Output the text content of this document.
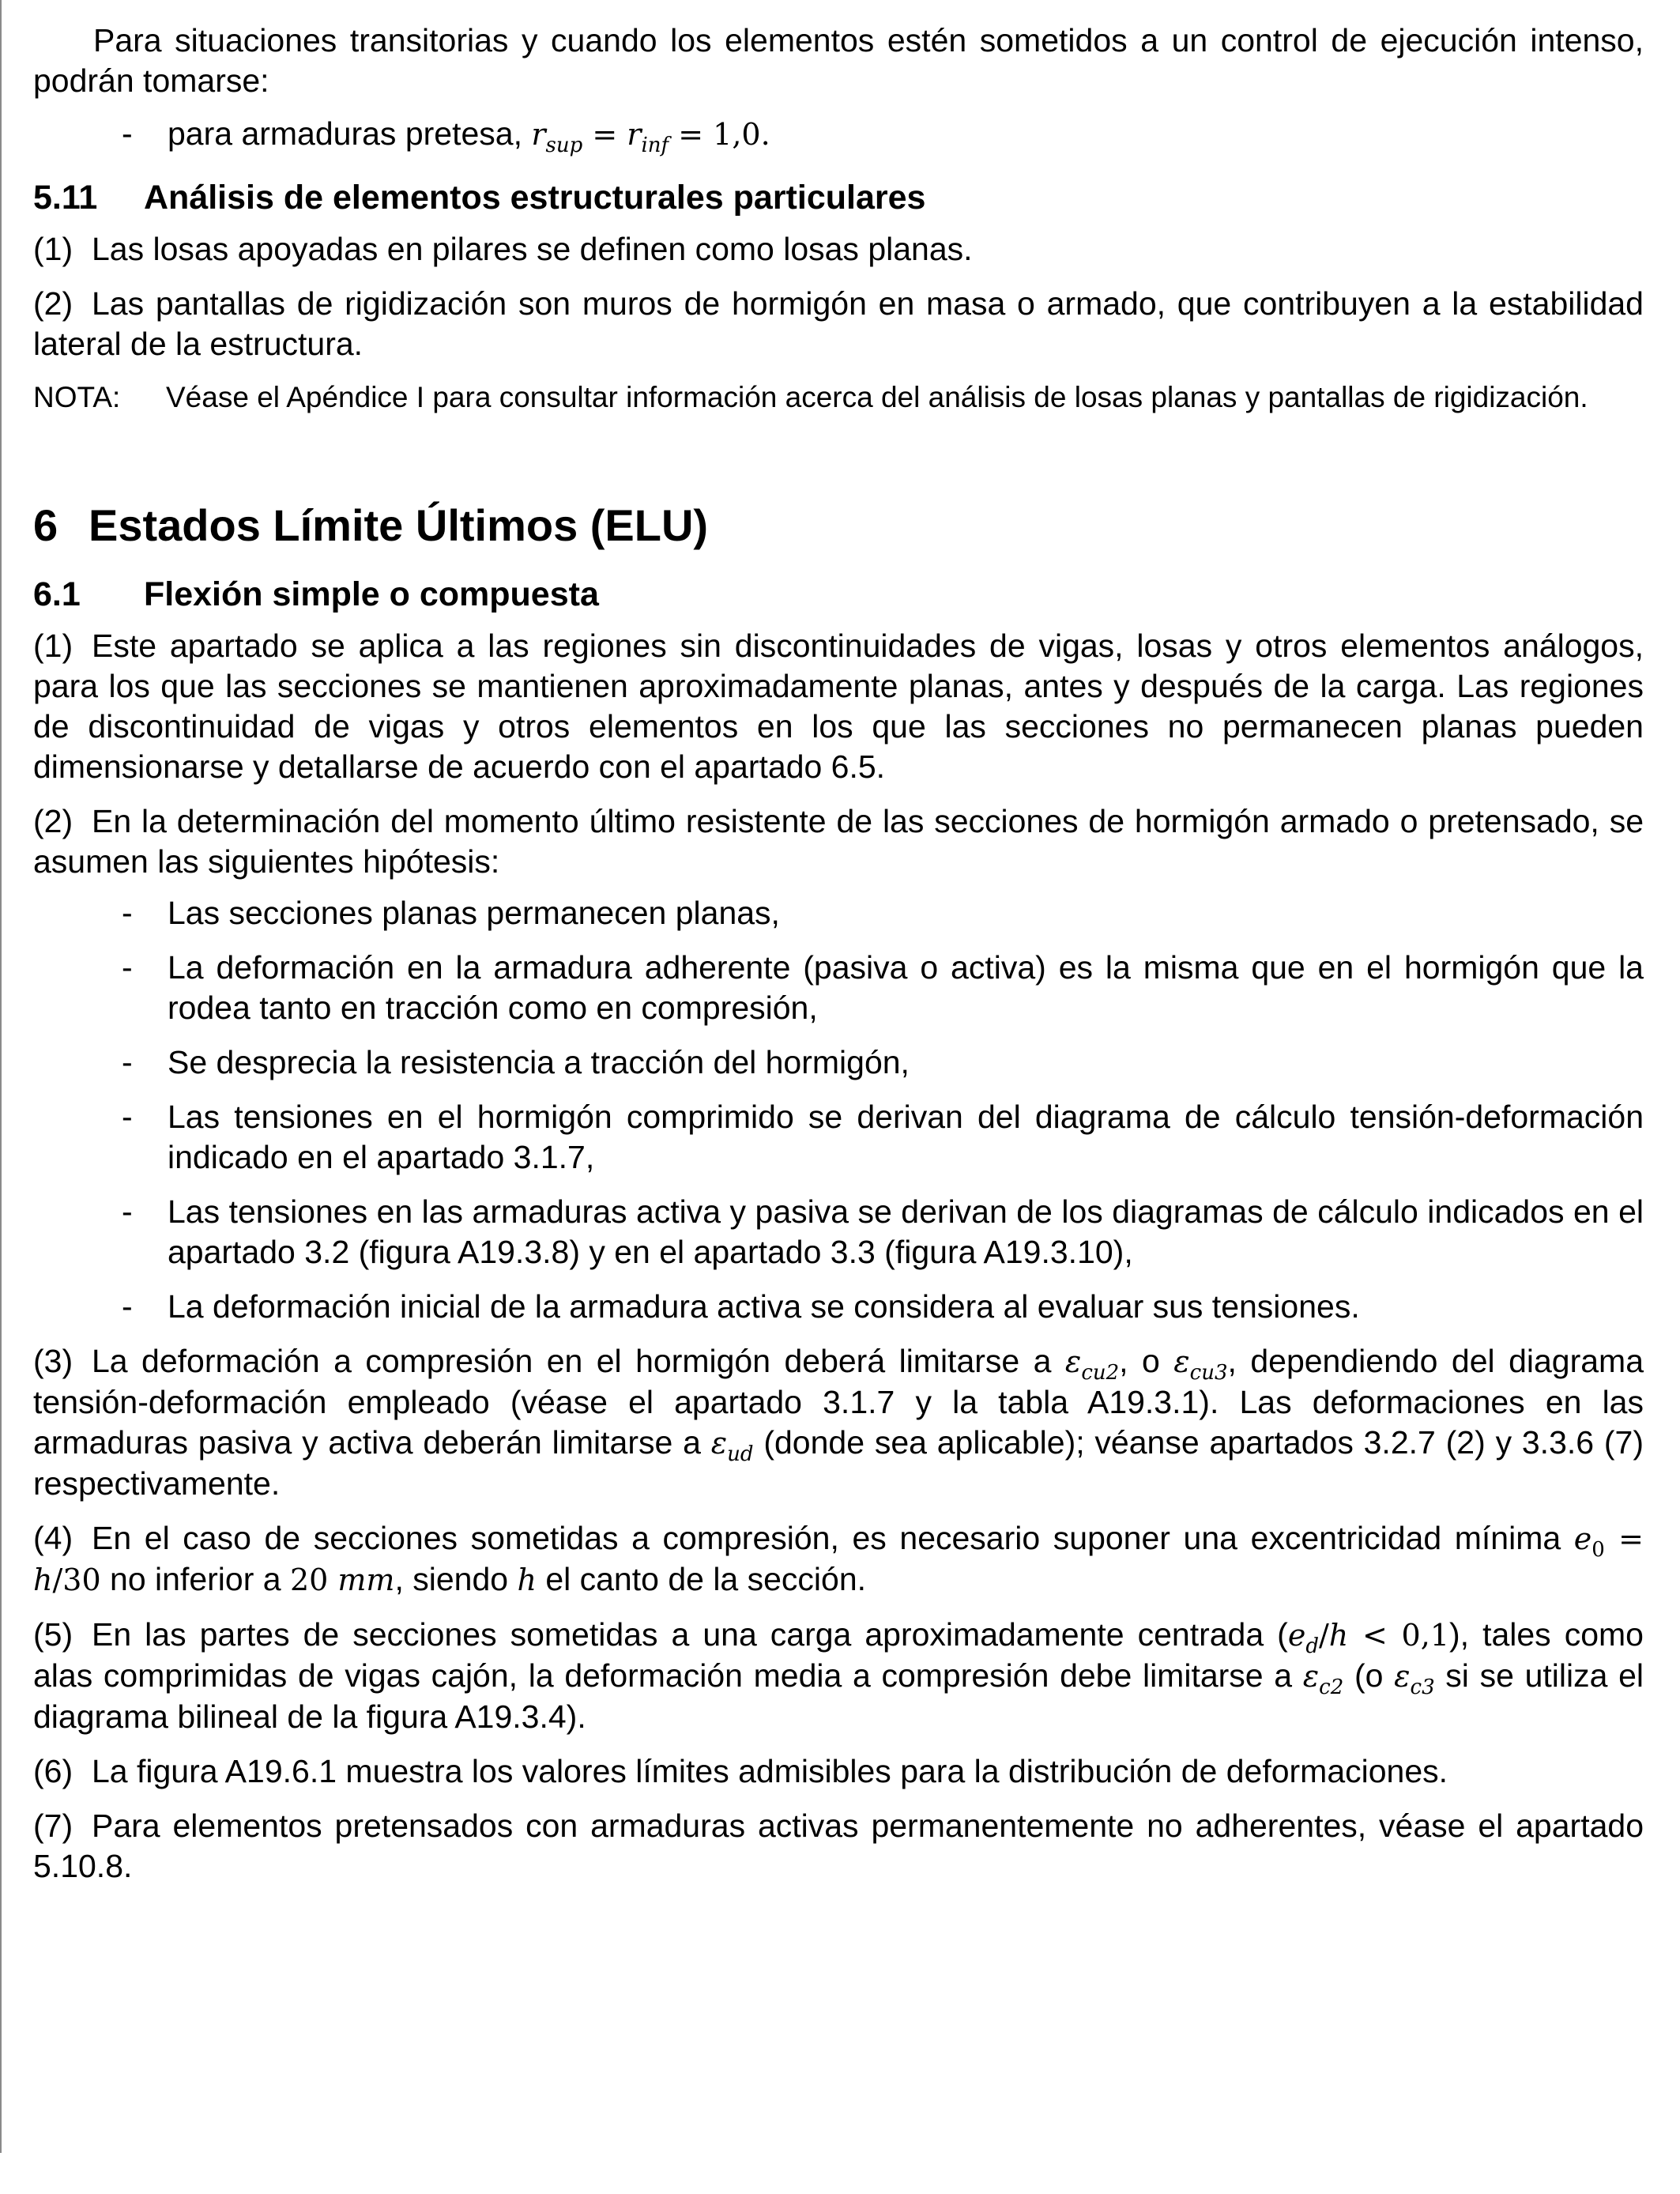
Para situaciones transitorias y cuando los elementos estén sometidos a un control de ejecución intenso, podrán tomarse:

- para armaduras pretesa, $r_{sup} = r_{inf} = 1,0$.
5.11 Análisis de elementos estructurales particulares

(1) Las losas apoyadas en pilares se definen como losas planas.

(2) Las pantallas de rigidización son muros de hormigón en masa o armado, que contribuyen a la estabilidad lateral de la estructura.

NOTA: Véase el Apéndice I para consultar información acerca del análisis de losas planas y pantallas de rigidización.
6 Estados Límite Últimos (ELU)
6.1 Flexión simple o compuesta

(1) Este apartado se aplica a las regiones sin discontinuidades de vigas, losas y otros elementos análogos, para los que las secciones se mantienen aproximadamente planas, antes y después de la carga. Las regiones de discontinuidad de vigas y otros elementos en los que las secciones no permanecen planas pueden dimensionarse y detallarse de acuerdo con el apartado 6.5.

(2) En la determinación del momento último resistente de las secciones de hormigón armado o pretensado, se asumen las siguientes hipótesis:

- Las secciones planas permanecen planas,
- La deformación en la armadura adherente (pasiva o activa) es la misma que en el hormigón que la rodea tanto en tracción como en compresión,
- Se desprecia la resistencia a tracción del hormigón,
- Las tensiones en el hormigón comprimido se derivan del diagrama de cálculo tensión-deformación indicado en el apartado 3.1.7,
- Las tensiones en las armaduras activa y pasiva se derivan de los diagramas de cálculo indicados en el apartado 3.2 (figura A19.3.8) y en el apartado 3.3 (figura A19.3.10),
- La deformación inicial de la armadura activa se considera al evaluar sus tensiones.

(3) La deformación a compresión en el hormigón deberá limitarse a $\varepsilon_{cu2}$, o $\varepsilon_{cu3}$, dependiendo del diagrama tensión-deformación empleado (véase el apartado 3.1.7 y la tabla A19.3.1). Las deformaciones en las armaduras pasiva y activa deberán limitarse a $\varepsilon_{ud}$ (donde sea aplicable); véanse apartados 3.2.7 (2) y 3.3.6 (7) respectivamente.

(4) En el caso de secciones sometidas a compresión, es necesario suponer una excentricidad mínima $e_0 = h/30$ no inferior a 20 mm, siendo h el canto de la sección.

(5) En las partes de secciones sometidas a una carga aproximadamente centrada $(e_d/h < 0,1)$, tales como alas comprimidas de vigas cajón, la deformación media a compresión debe limitarse a $\varepsilon_{c2}$ (o $\varepsilon_{c3}$ si se utiliza el diagrama bilineal de la figura A19.3.4).

(6) La figura A19.6.1 muestra los valores límites admisibles para la distribución de deformaciones.

(7) Para elementos pretensados con armaduras activas permanentemente no adherentes, véase el apartado 5.10.8.
